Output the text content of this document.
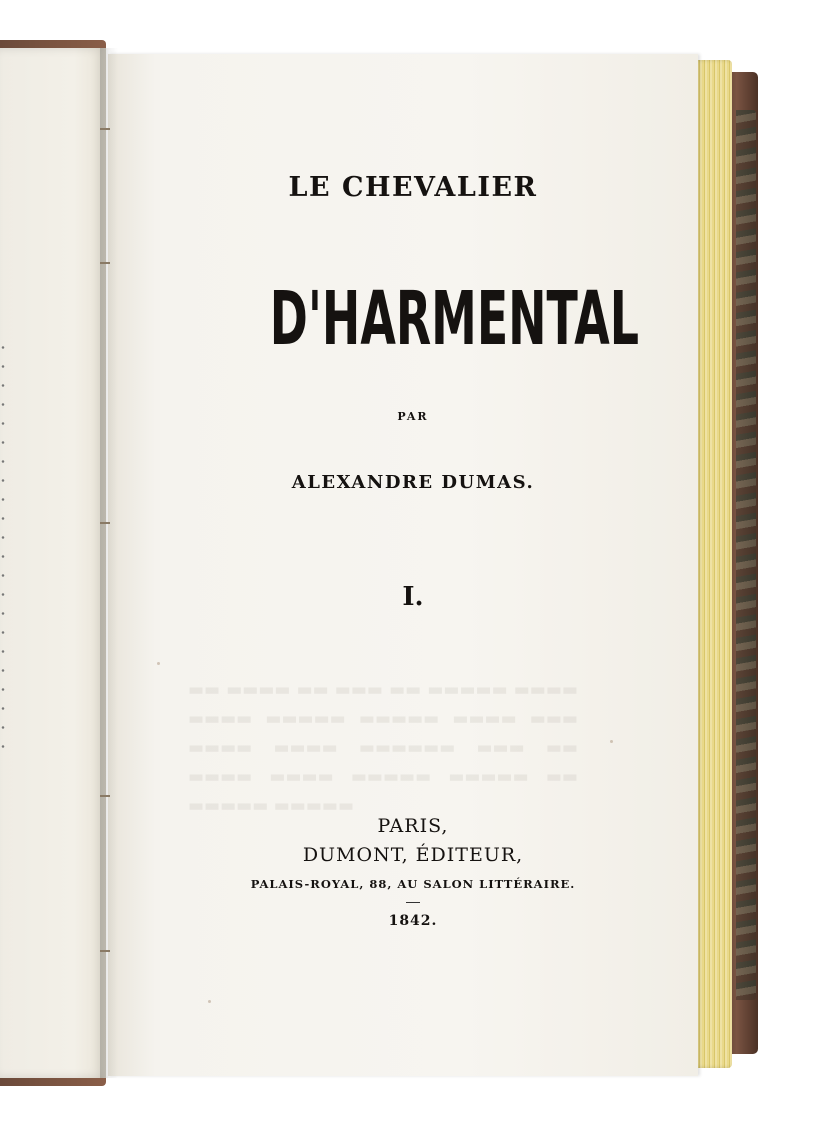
▬▬ ▬▬▬▬ ▬▬ ▬▬▬ ▬▬ ▬▬▬▬▬ ▬▬▬▬ ▬▬▬▬ ▬▬▬▬▬ ▬▬▬▬▬ ▬▬▬▬ ▬▬▬ ▬▬▬▬ ▬▬▬▬ ▬▬▬▬▬▬ ▬▬▬ ▬▬ ▬▬▬▬ ▬▬▬▬ ▬▬▬▬▬ ▬▬▬▬▬ ▬▬ ▬▬▬▬▬ ▬▬▬▬▬
LE CHEVALIER
D'HARMENTAL
PAR
ALEXANDRE DUMAS.
I.
PARIS,
DUMONT, ÉDITEUR,
PALAIS-ROYAL, 88, AU SALON LITTÉRAIRE.
1842.
